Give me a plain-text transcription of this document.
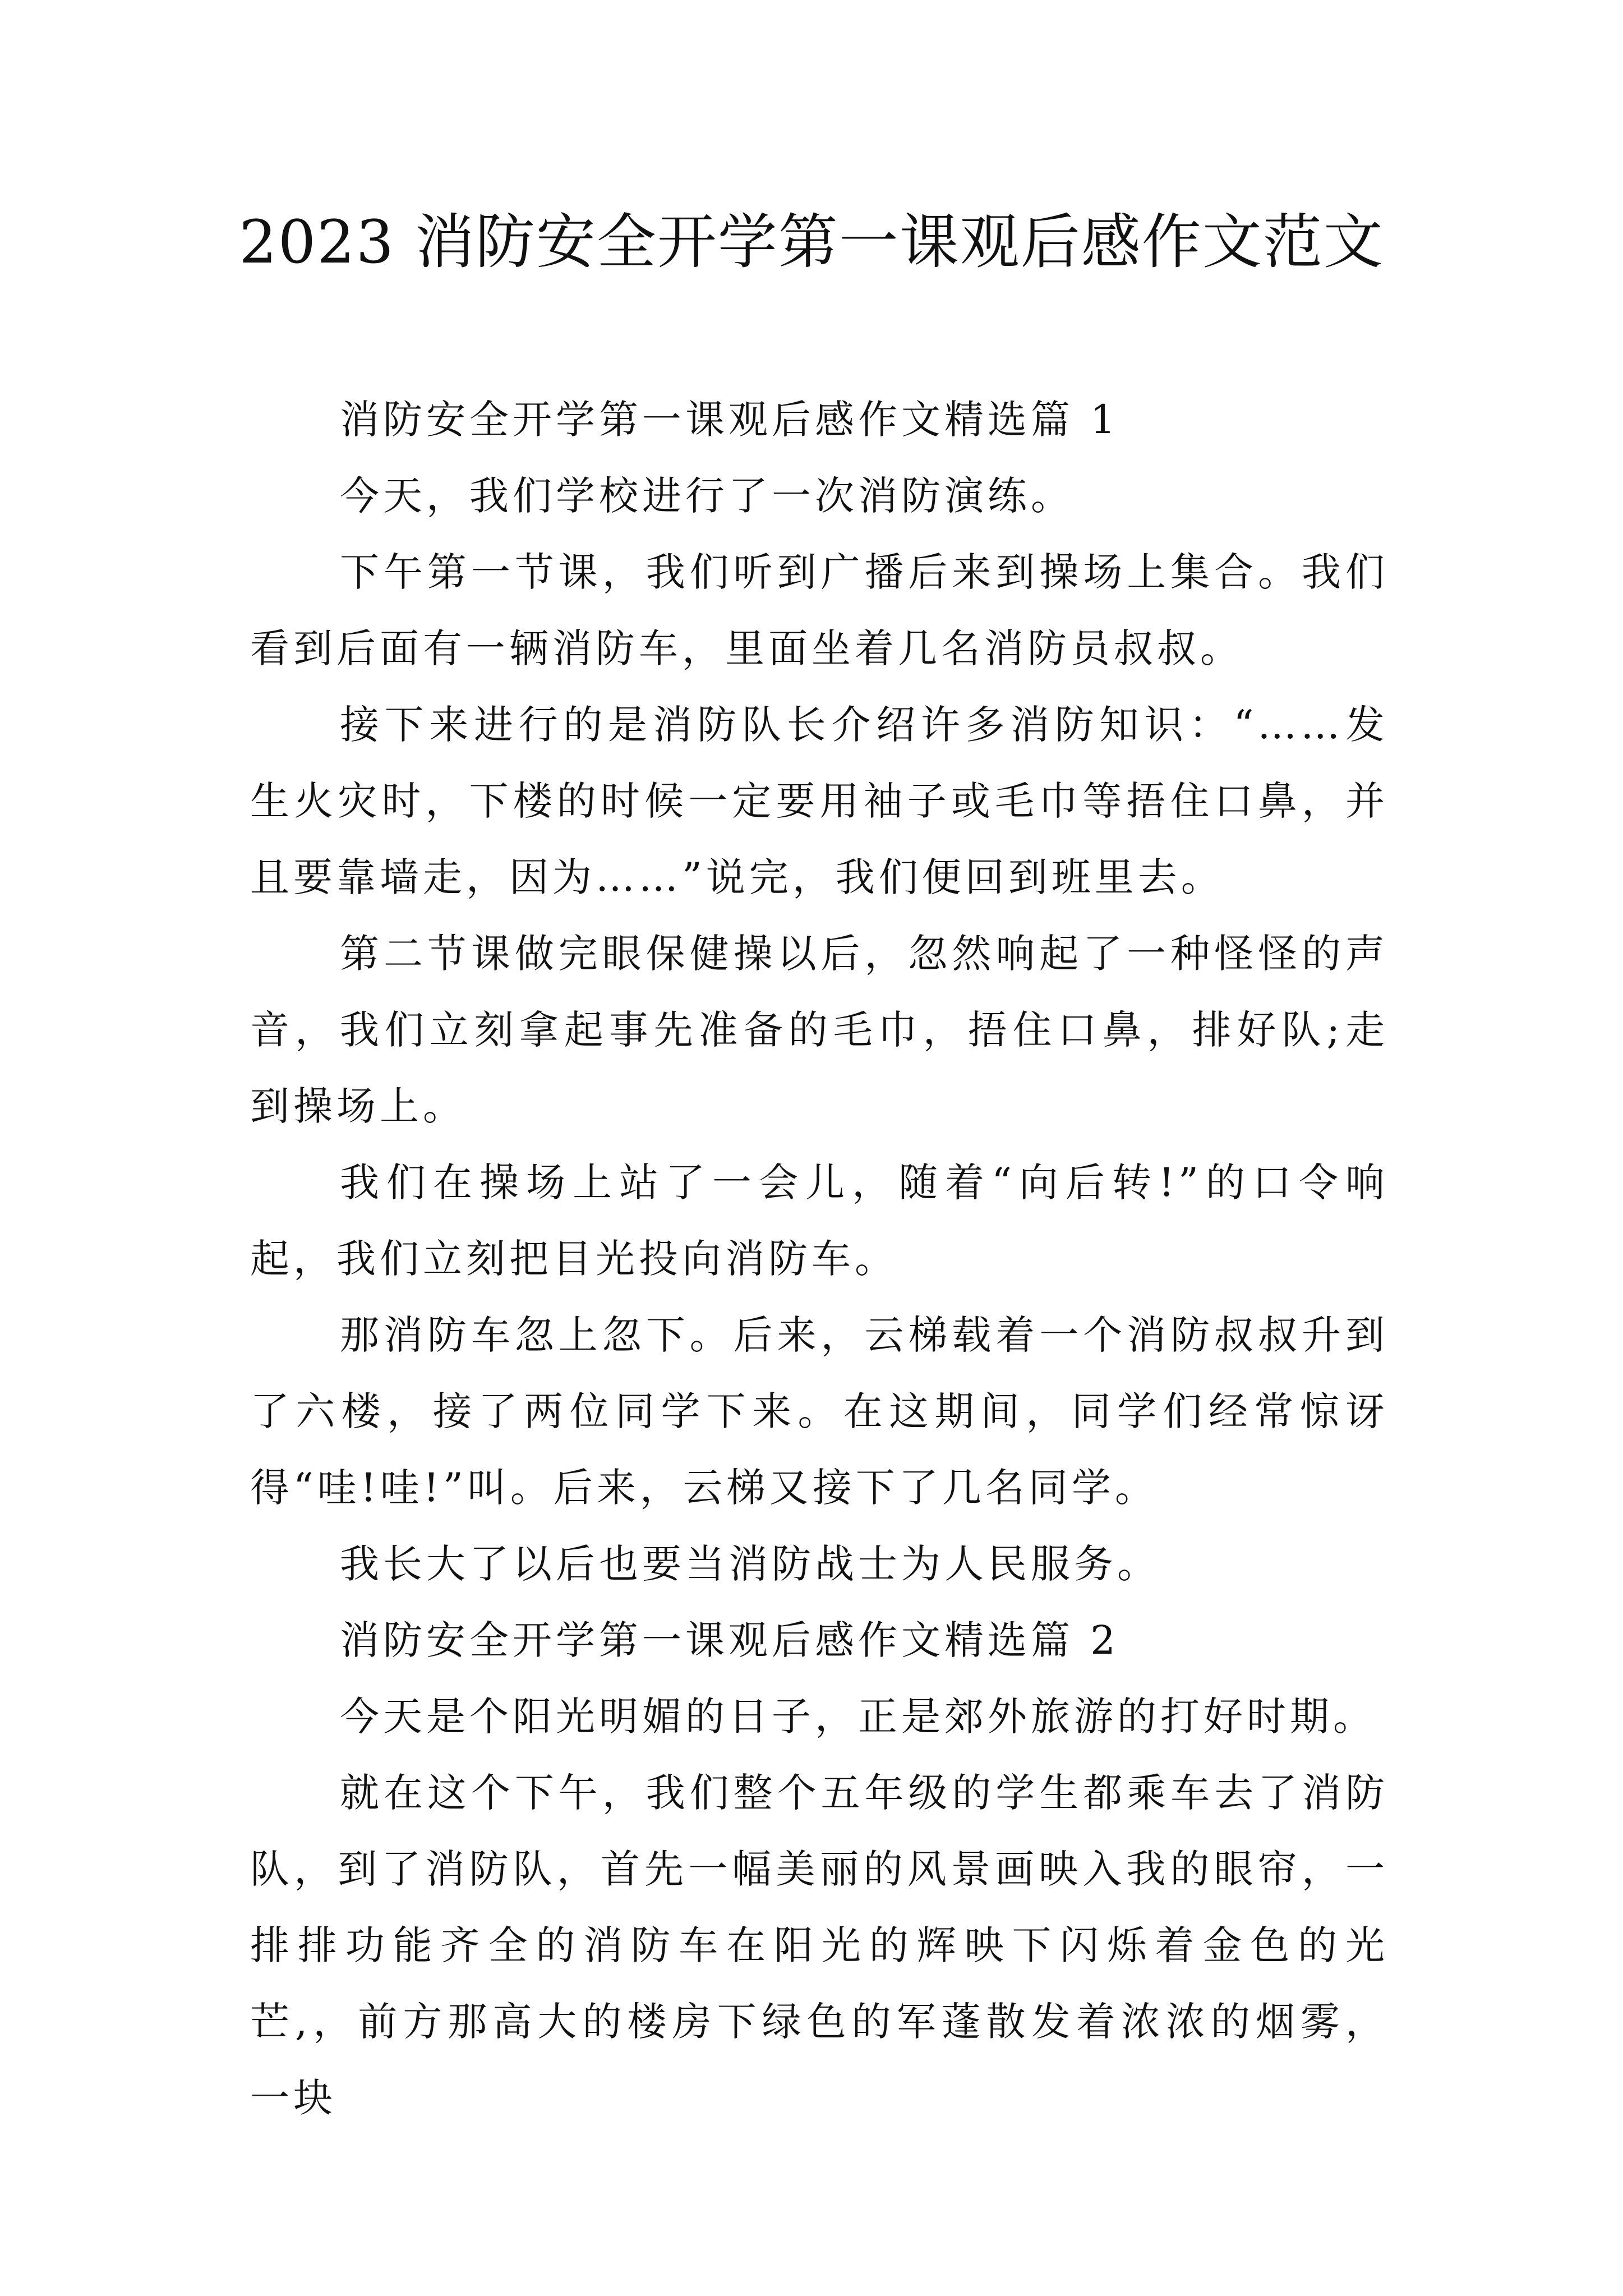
2023 消防安全开学第一课观后感作文范文

消防安全开学第一课观后感作文精选篇 1

今天，我们学校进行了一次消防演练。

下午第一节课，我们听到广播后来到操场上集合。我们看到后面有一辆消防车，里面坐着几名消防员叔叔。

接下来进行的是消防队长介绍许多消防知识：“……发生火灾时，下楼的时候一定要用袖子或毛巾等捂住口鼻，并且要靠墙走，因为……”说完，我们便回到班里去。

第二节课做完眼保健操以后，忽然响起了一种怪怪的声音，我们立刻拿起事先准备的毛巾，捂住口鼻，排好队;走到操场上。

我们在操场上站了一会儿，随着“向后转!”的口令响起，我们立刻把目光投向消防车。

那消防车忽上忽下。后来，云梯载着一个消防叔叔升到了六楼，接了两位同学下来。在这期间，同学们经常惊讶得“哇!哇!”叫。后来，云梯又接下了几名同学。

我长大了以后也要当消防战士为人民服务。

消防安全开学第一课观后感作文精选篇 2

今天是个阳光明媚的日子，正是郊外旅游的打好时期。

就在这个下午，我们整个五年级的学生都乘车去了消防队，到了消防队，首先一幅美丽的风景画映入我的眼帘，一排排功能齐全的消防车在阳光的辉映下闪烁着金色的光芒,，前方那高大的楼房下绿色的军蓬散发着浓浓的烟雾，一块
